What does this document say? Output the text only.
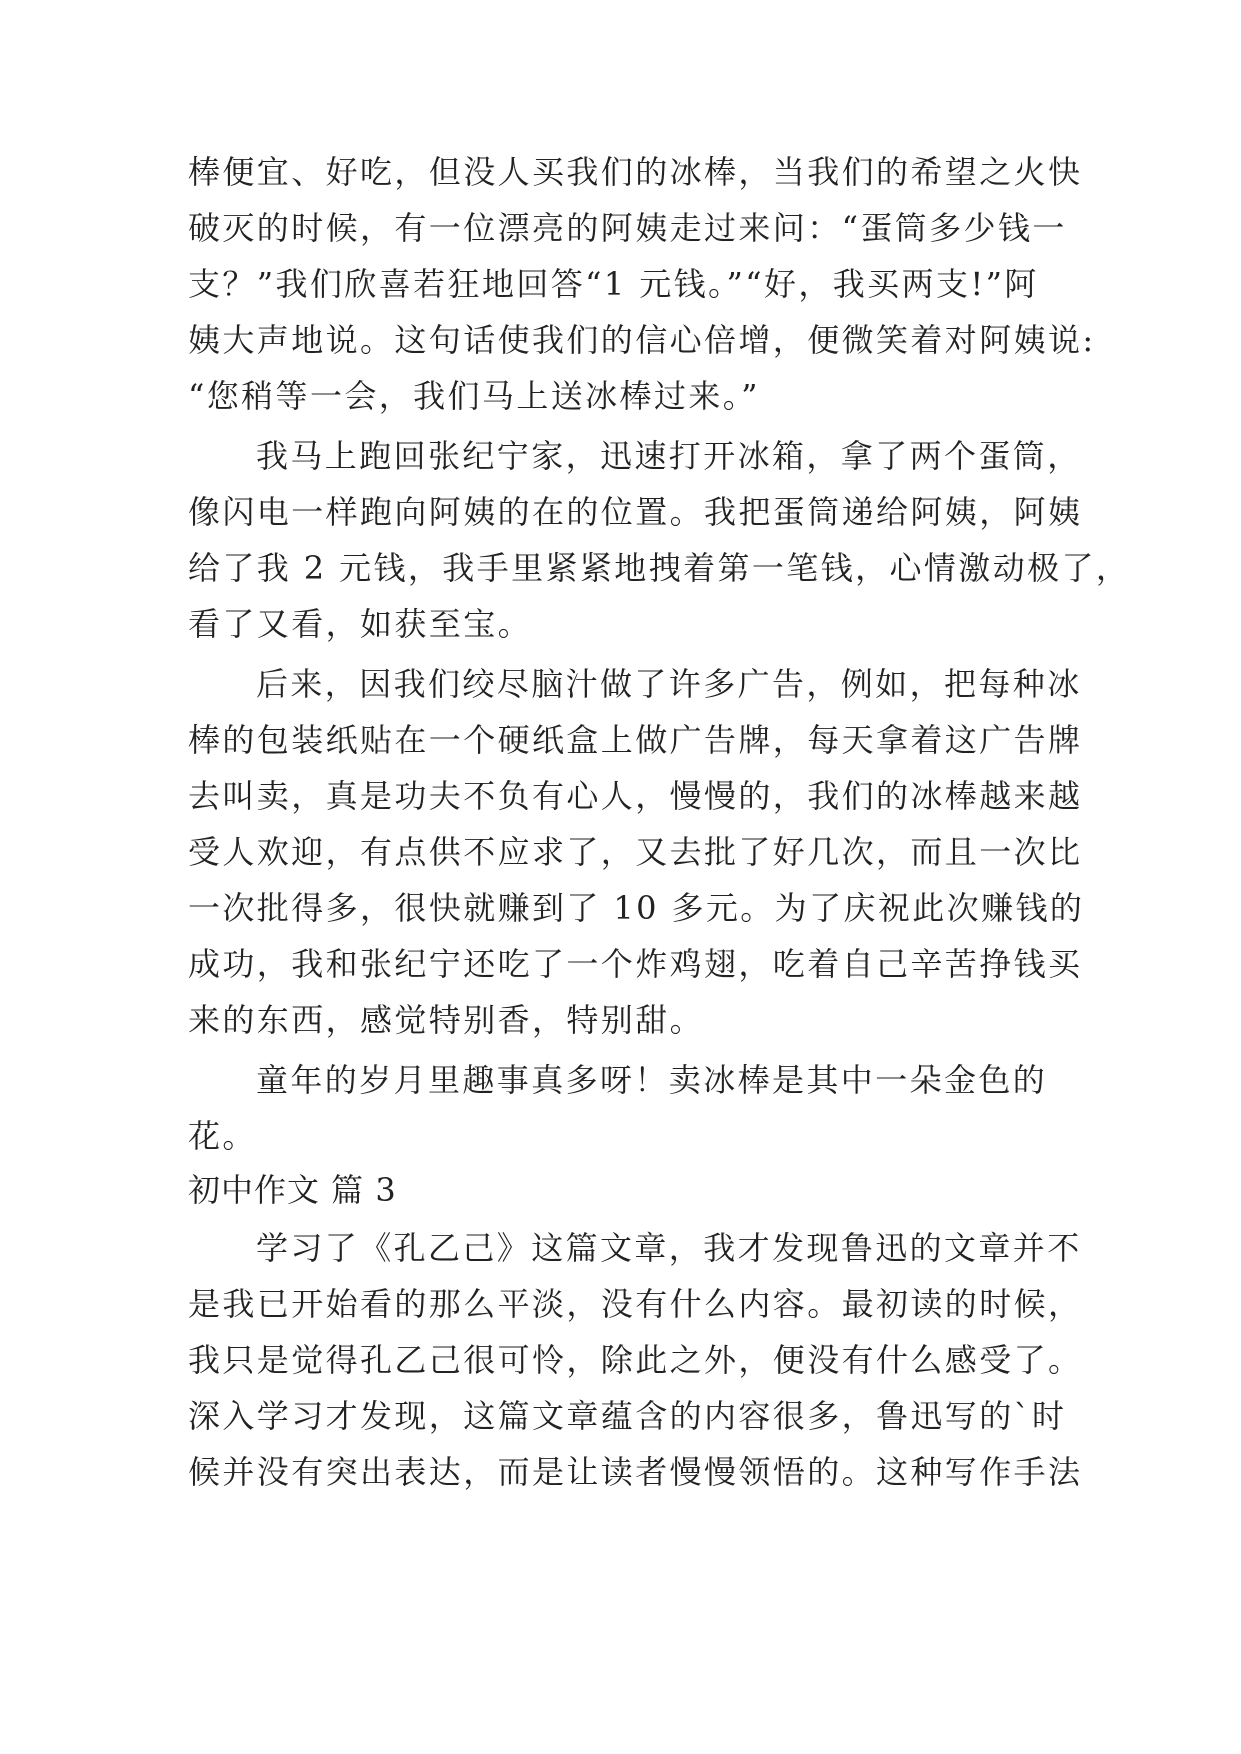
棒便宜、好吃，但没人买我们的冰棒，当我们的希望之火快
破灭的时候，有一位漂亮的阿姨走过来问：“蛋筒多少钱一
支？”我们欣喜若狂地回答“1 元钱。”“好，我买两支!”阿
姨大声地说。这句话使我们的信心倍增，便微笑着对阿姨说:
“您稍等一会，我们马上送冰棒过来。”
我马上跑回张纪宁家，迅速打开冰箱，拿了两个蛋筒，
像闪电一样跑向阿姨的在的位置。我把蛋筒递给阿姨，阿姨
给了我 2 元钱，我手里紧紧地拽着第一笔钱，心情激动极了，
看了又看，如获至宝。
后来，因我们绞尽脑汁做了许多广告，例如，把每种冰
棒的包装纸贴在一个硬纸盒上做广告牌，每天拿着这广告牌
去叫卖，真是功夫不负有心人，慢慢的，我们的冰棒越来越
受人欢迎，有点供不应求了，又去批了好几次，而且一次比
一次批得多，很快就赚到了 10 多元。为了庆祝此次赚钱的
成功，我和张纪宁还吃了一个炸鸡翅，吃着自己辛苦挣钱买
来的东西，感觉特别香，特别甜。
童年的岁月里趣事真多呀！卖冰棒是其中一朵金色的
花。
初中作文 篇 3
学习了《孔乙己》这篇文章，我才发现鲁迅的文章并不
是我已开始看的那么平淡，没有什么内容。最初读的时候，
我只是觉得孔乙己很可怜，除此之外，便没有什么感受了。
深入学习才发现，这篇文章蕴含的内容很多，鲁迅写的`时
候并没有突出表达，而是让读者慢慢领悟的。这种写作手法
